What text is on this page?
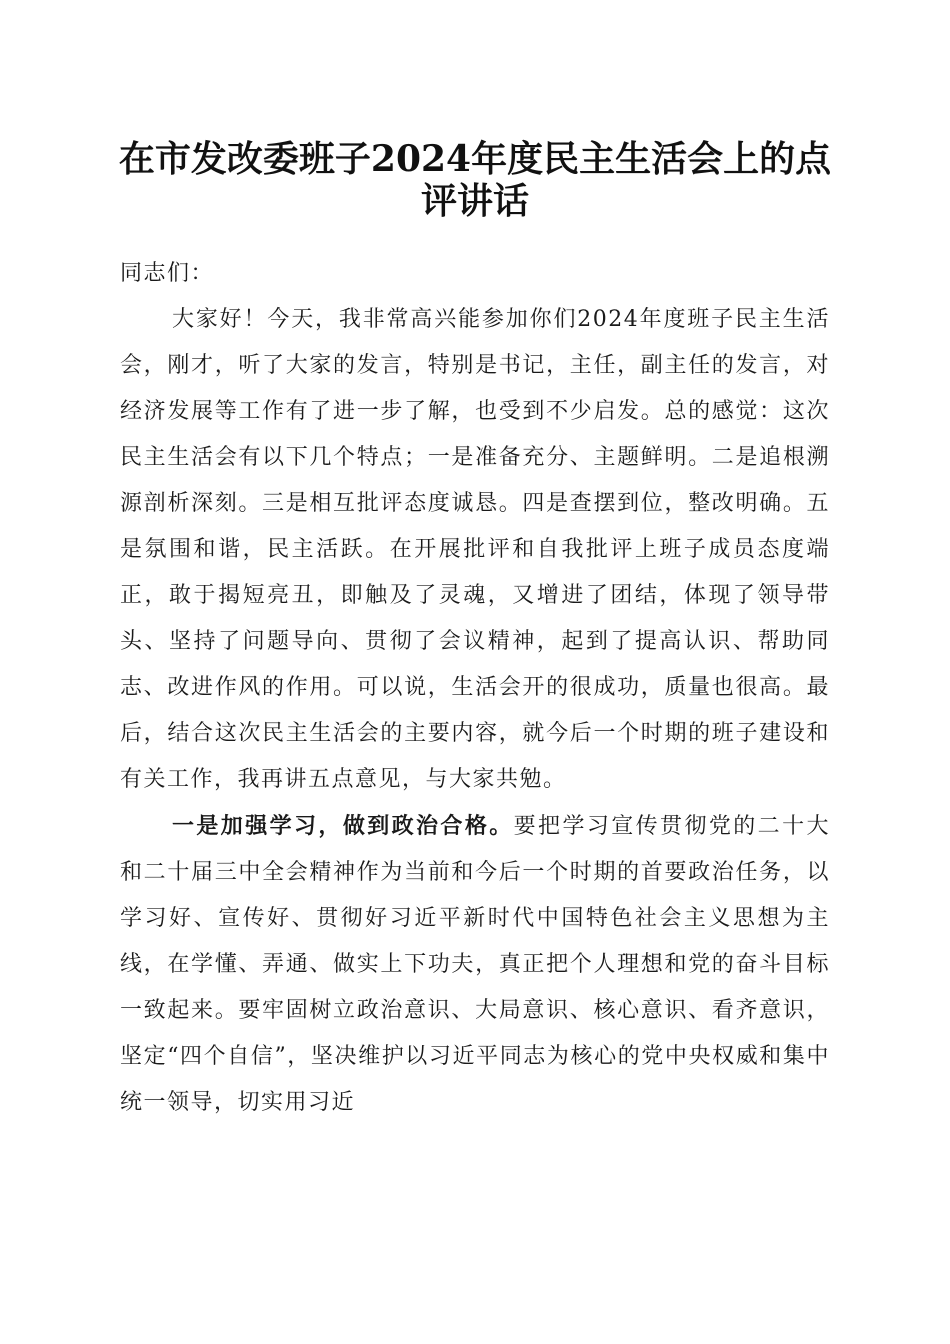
在市发改委班子2024年度民主生活会上的点
评讲话

同志们：

大家好！今天，我非常高兴能参加你们2024年度班子民主生活会，刚才，听了大家的发言，特别是书记，主任，副主任的发言，对经济发展等工作有了进一步了解，也受到不少启发。总的感觉：这次民主生活会有以下几个特点；一是准备充分、主题鲜明。二是追根溯源剖析深刻。三是相互批评态度诚恳。四是查摆到位，整改明确。五是氛围和谐，民主活跃。在开展批评和自我批评上班子成员态度端正，敢于揭短亮丑，即触及了灵魂，又增进了团结，体现了领导带头、坚持了问题导向、贯彻了会议精神，起到了提高认识、帮助同志、改进作风的作用。可以说，生活会开的很成功，质量也很高。最后，结合这次民主生活会的主要内容，就今后一个时期的班子建设和有关工作，我再讲五点意见，与大家共勉。

一是加强学习，做到政治合格。要把学习宣传贯彻党的二十大和二十届三中全会精神作为当前和今后一个时期的首要政治任务，以学习好、宣传好、贯彻好习近平新时代中国特色社会主义思想为主线，在学懂、弄通、做实上下功夫，真正把个人理想和党的奋斗目标一致起来。要牢固树立政治意识、大局意识、核心意识、看齐意识，坚定“四个自信”，坚决维护以习近平同志为核心的党中央权威和集中统一领导，切实用习近
